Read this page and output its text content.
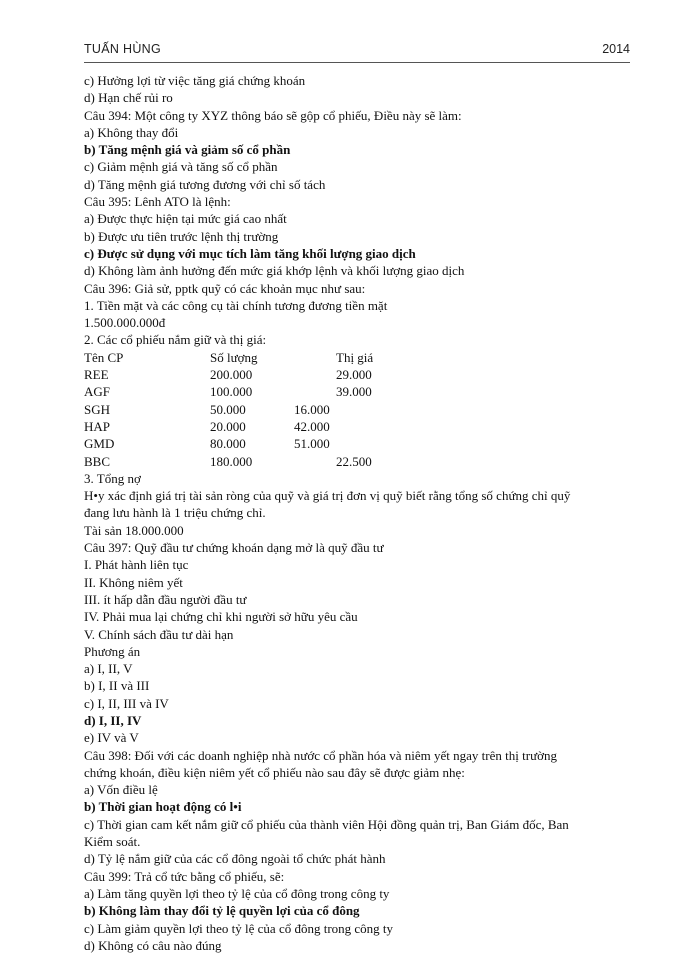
TUẤN HÙNG	2014
c) Hưởng lợi từ việc tăng giá chứng khoán
d) Hạn chế rủi ro
Câu 394: Một công ty XYZ thông báo sẽ gộp cổ phiếu, Điều này sẽ làm:
a) Không thay đổi
b) Tăng mệnh giá và giảm số cổ phần
c) Giảm mệnh giá và tăng số cổ phần
d) Tăng mệnh giá tương đương với chỉ số tách
Câu 395: Lênh ATO là lệnh:
a) Được thực hiện tại mức giá cao nhất
b) Được ưu tiên trước lệnh thị trường
c) Được sử dụng với mục tích làm tăng khối lượng giao dịch
d) Không làm ảnh hưởng đến mức giá khớp lệnh và khối lượng giao dịch
Câu 396: Giả sử, pptk quỹ có các khoản mục như sau:
1. Tiền mặt và các công cụ tài chính tương đương tiền mặt
1.500.000.000đ
2. Các cổ phiếu nắm giữ và thị giá:
Tên CP	Số lượng	Thị giá
REE	200.000	29.000
AGF	100.000	39.000
SGH	50.000	16.000
HAP	20.000	42.000
GMD	80.000	51.000
BBC	180.000	22.500
3. Tổng nợ
H•y xác định giá trị tài sản ròng của quỹ và giá trị đơn vị quỹ biết rằng tổng số chứng chỉ quỹ
đang lưu hành là 1 triệu chứng chỉ.
Tài sản 18.000.000
Câu 397: Quỹ đầu tư chứng khoán dạng mở là quỹ đầu tư
I. Phát hành liên tục
II. Không niêm yết
III. ít hấp dẫn đầu người đầu tư
IV. Phải mua lại chứng chỉ khi người sở hữu yêu cầu
V. Chính sách đầu tư dài hạn
Phương án
a) I, II, V
b) I, II và III
c) I, II, III và IV
d) I, II, IV
e) IV và V
Câu 398: Đối với các doanh nghiệp nhà nước cổ phần hóa và niêm yết ngay trên thị trường
chứng khoán, điều kiện niêm yết cổ phiếu nào sau đây sẽ được giảm nhẹ:
a) Vốn điều lệ
b) Thời gian hoạt động có l•i
c) Thời gian cam kết nắm giữ cổ phiếu của thành viên Hội đồng quản trị, Ban Giám đốc, Ban
Kiểm soát.
d) Tỷ lệ nắm giữ của các cổ đông ngoài tổ chức phát hành
Câu 399: Trả cổ tức bằng cổ phiếu, sẽ:
a) Làm tăng quyền lợi theo tỷ lệ của cổ đông trong công ty
b) Không làm thay đổi tỷ lệ quyền lợi của cổ đông
c) Làm giảm quyền lợi theo tỷ lệ của cổ đông trong công ty
d) Không có câu nào đúng
